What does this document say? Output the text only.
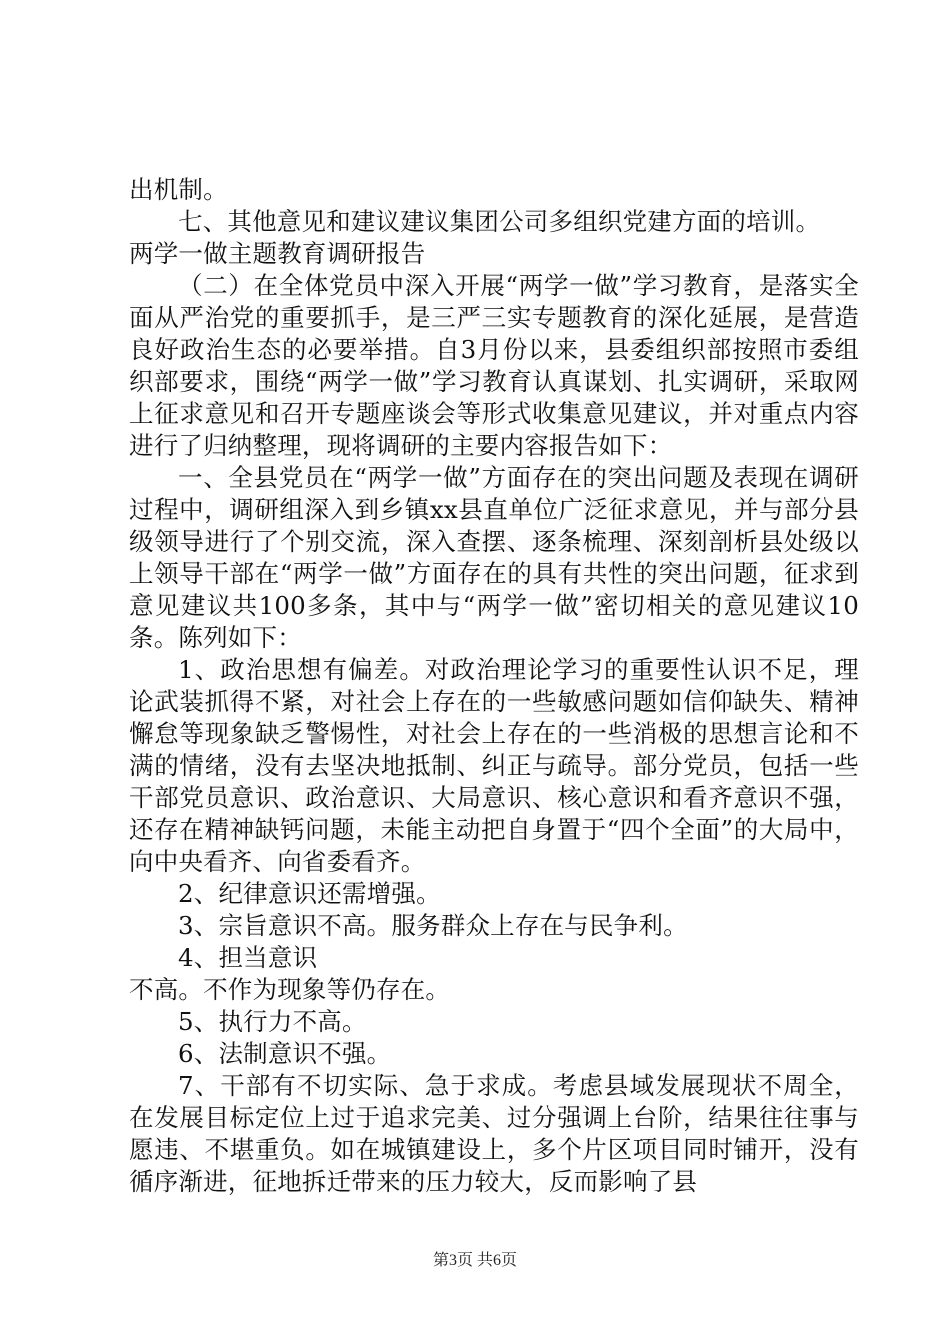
出机制。

七、其他意见和建议建议集团公司多组织党建方面的培训。

两学一做主题教育调研报告

（二）在全体党员中深入开展“两学一做”学习教育，是落实全面从严治党的重要抓手，是三严三实专题教育的深化延展，是营造良好政治生态的必要举措。自3月份以来，县委组织部按照市委组织部要求，围绕“两学一做”学习教育认真谋划、扎实调研，采取网上征求意见和召开专题座谈会等形式收集意见建议，并对重点内容进行了归纳整理，现将调研的主要内容报告如下：

一、全县党员在“两学一做”方面存在的突出问题及表现在调研过程中，调研组深入到乡镇xx县直单位广泛征求意见，并与部分县级领导进行了个别交流，深入查摆、逐条梳理、深刻剖析县处级以上领导干部在“两学一做”方面存在的具有共性的突出问题，征求到意见建议共100多条，其中与“两学一做”密切相关的意见建议10条。陈列如下：

1、政治思想有偏差。对政治理论学习的重要性认识不足，理论武装抓得不紧，对社会上存在的一些敏感问题如信仰缺失、精神懈怠等现象缺乏警惕性，对社会上存在的一些消极的思想言论和不满的情绪，没有去坚决地抵制、纠正与疏导。部分党员，包括一些干部党员意识、政治意识、大局意识、核心意识和看齐意识不强，还存在精神缺钙问题，未能主动把自身置于“四个全面”的大局中，向中央看齐、向省委看齐。

2、纪律意识还需增强。

3、宗旨意识不高。服务群众上存在与民争利。

4、担当意识

不高。不作为现象等仍存在。

5、执行力不高。

6、法制意识不强。

7、干部有不切实际、急于求成。考虑县域发展现状不周全，在发展目标定位上过于追求完美、过分强调上台阶，结果往往事与愿违、不堪重负。如在城镇建设上，多个片区项目同时铺开，没有循序渐进，征地拆迁带来的压力较大，反而影响了县

第3页 共6页
